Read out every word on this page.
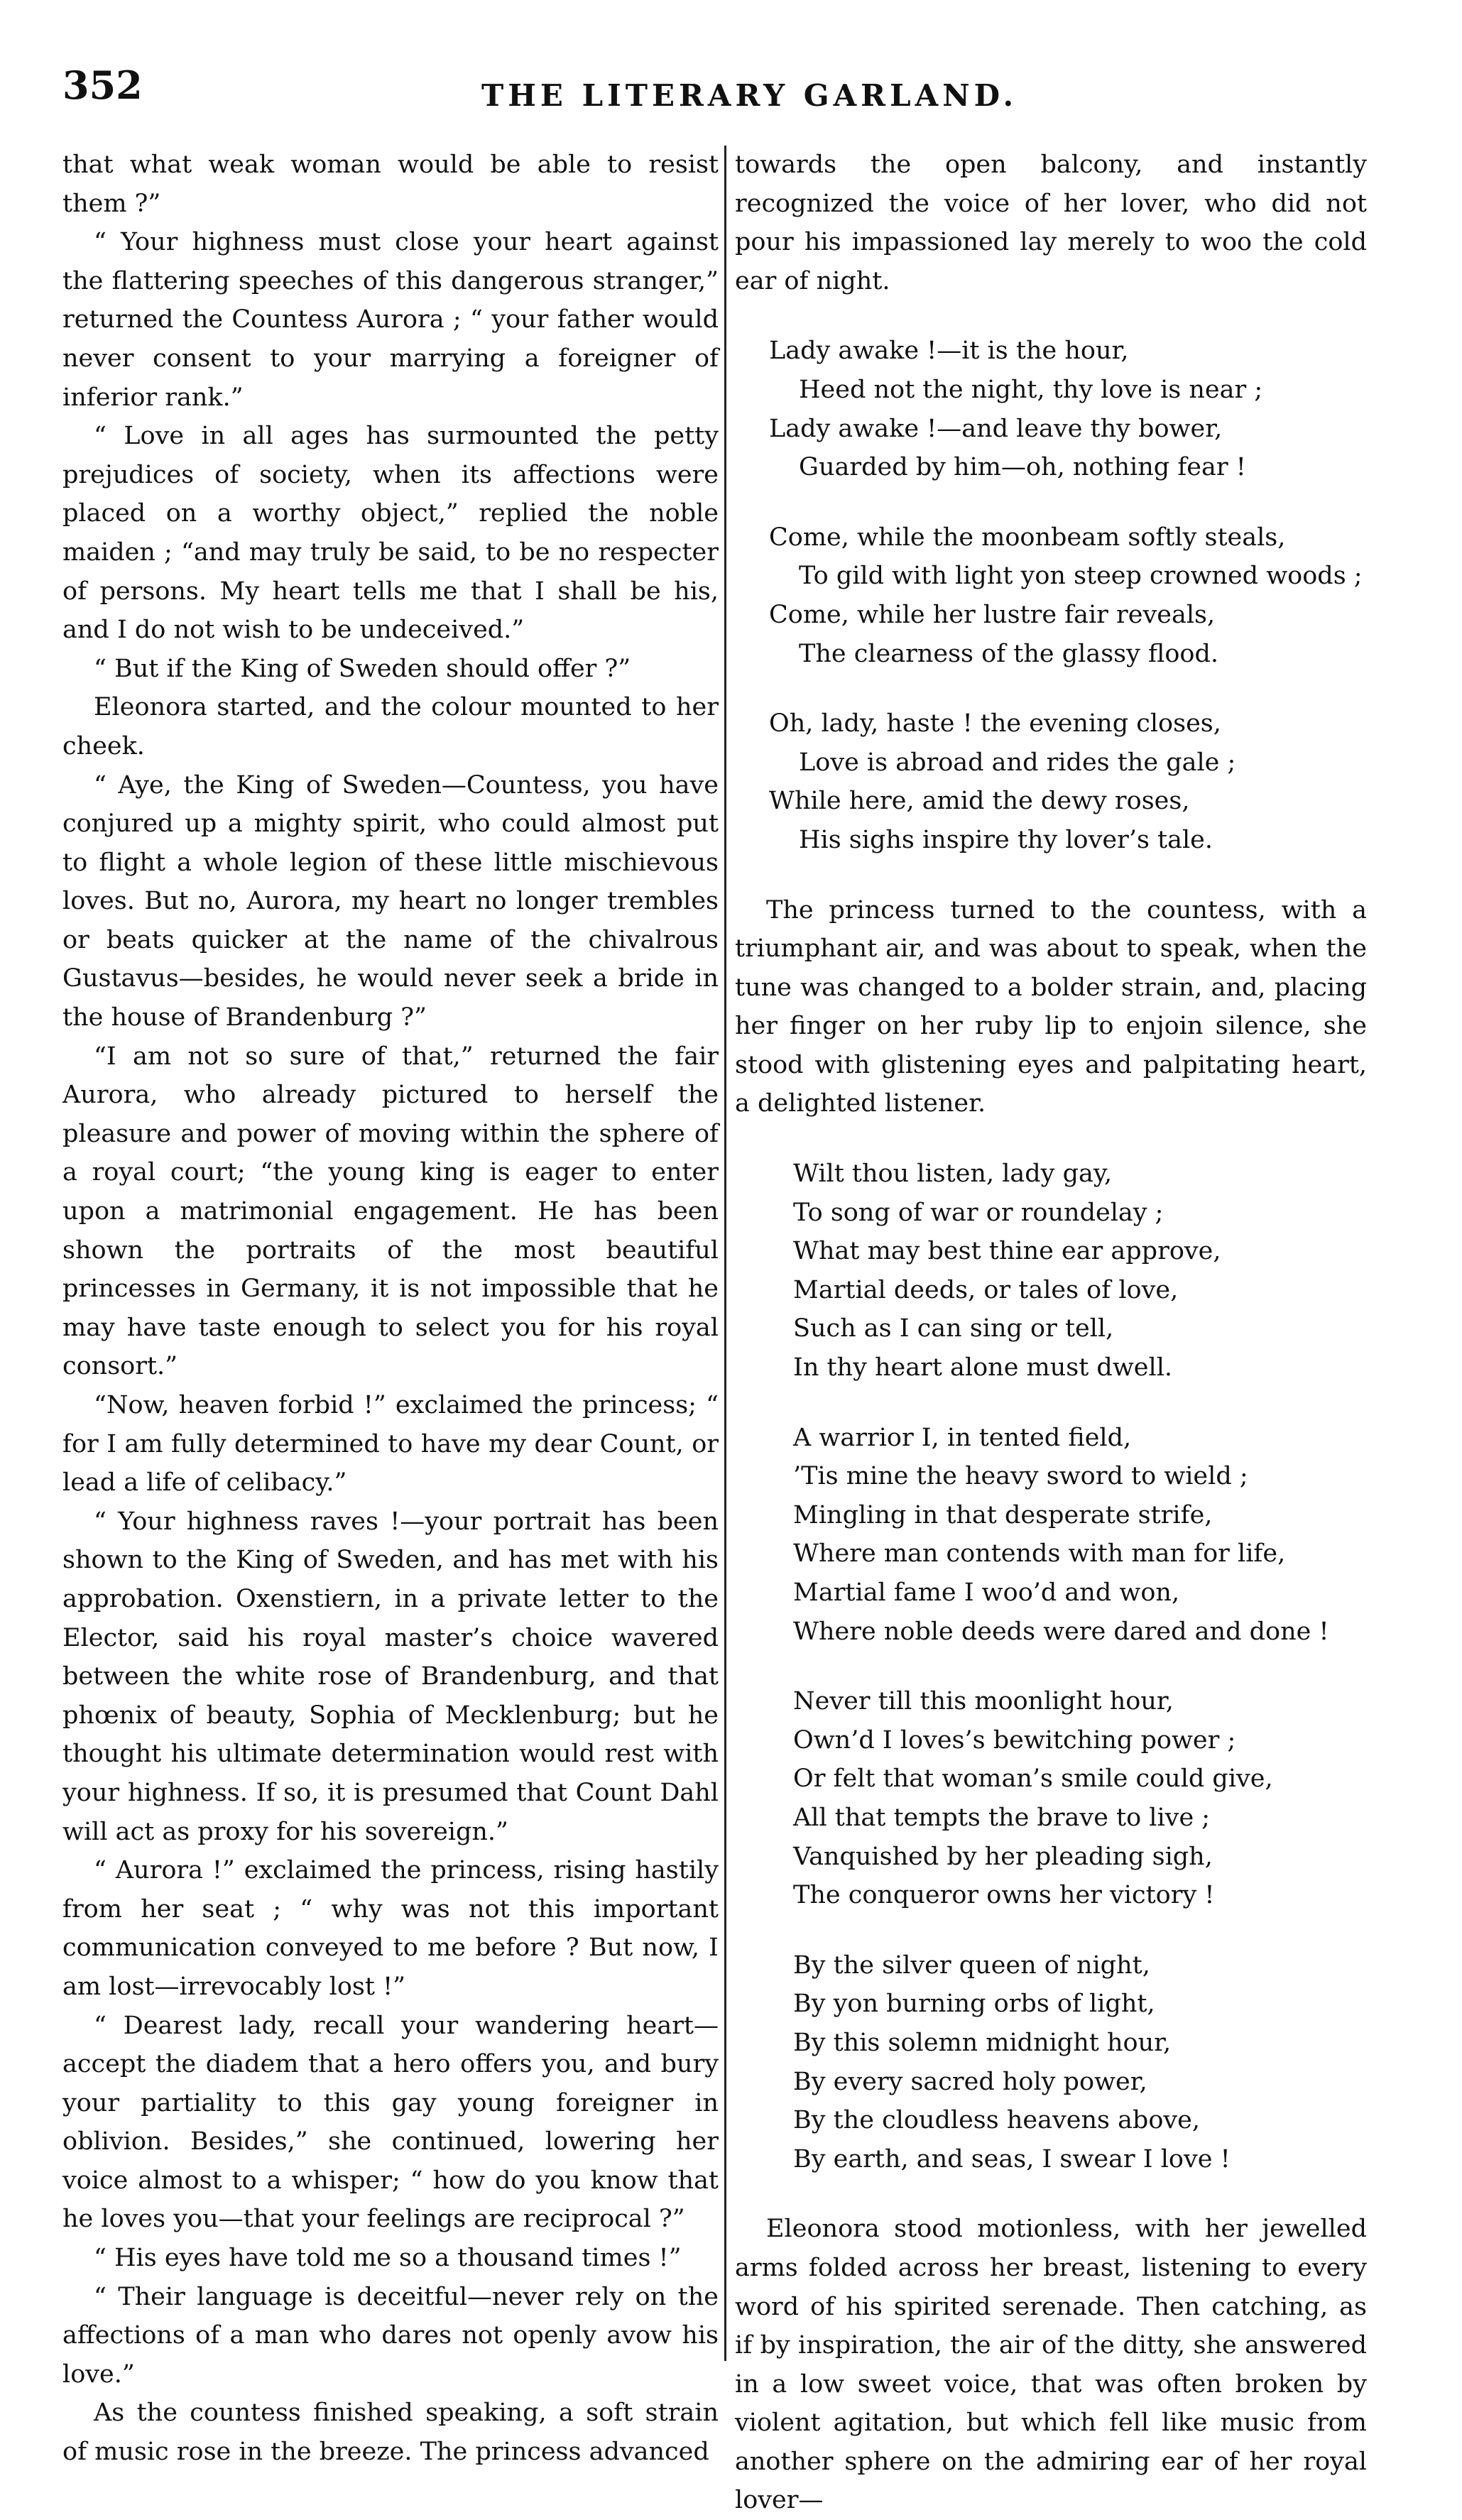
352	THE LITERARY GARLAND.

that what weak woman would be able to resist them ?”

“ Your highness must close your heart against the flattering speeches of this dangerous stranger,” returned the Countess Aurora ; “ your father would never consent to your marrying a foreigner of inferior rank.”

“ Love in all ages has surmounted the petty prejudices of society, when its affections were placed on a worthy object,” replied the noble maiden ; “and may truly be said, to be no respecter of persons. My heart tells me that I shall be his, and I do not wish to be undeceived.”

“ But if the King of Sweden should offer ?”

Eleonora started, and the colour mounted to her cheek.

“ Aye, the King of Sweden—Countess, you have conjured up a mighty spirit, who could almost put to flight a whole legion of these little mischievous loves. But no, Aurora, my heart no longer trembles or beats quicker at the name of the chivalrous Gustavus—besides, he would never seek a bride in the house of Brandenburg ?”

“I am not so sure of that,” returned the fair Aurora, who already pictured to herself the pleasure and power of moving within the sphere of a royal court; “the young king is eager to enter upon a matrimonial engagement. He has been shown the portraits of the most beautiful princesses in Germany, it is not impossible that he may have taste enough to select you for his royal consort.”

“Now, heaven forbid !” exclaimed the princess; “ for I am fully determined to have my dear Count, or lead a life of celibacy.”

“ Your highness raves !—your portrait has been shown to the King of Sweden, and has met with his approbation. Oxenstiern, in a private letter to the Elector, said his royal master’s choice wavered between the white rose of Brandenburg, and that phœnix of beauty, Sophia of Mecklenburg; but he thought his ultimate determination would rest with your highness. If so, it is presumed that Count Dahl will act as proxy for his sovereign.”

“ Aurora !” exclaimed the princess, rising hastily from her seat ; “ why was not this important communication conveyed to me before ? But now, I am lost—irrevocably lost !”

“ Dearest lady, recall your wandering heart—accept the diadem that a hero offers you, and bury your partiality to this gay young foreigner in oblivion. Besides,” she continued, lowering her voice almost to a whisper; “ how do you know that he loves you—that your feelings are reciprocal ?”

“ His eyes have told me so a thousand times !”

“ Their language is deceitful—never rely on the affections of a man who dares not openly avow his love.”

As the countess finished speaking, a soft strain of music rose in the breeze. The princess advanced

towards the open balcony, and instantly recognized the voice of her lover, who did not pour his impassioned lay merely to woo the cold ear of night.

Lady awake !—it is the hour,
Heed not the night, thy love is near ;
Lady awake !—and leave thy bower,
Guarded by him—oh, nothing fear !
Come, while the moonbeam softly steals,
To gild with light yon steep crowned woods ;
Come, while her lustre fair reveals,
The clearness of the glassy flood.
Oh, lady, haste ! the evening closes,
Love is abroad and rides the gale ;
While here, amid the dewy roses,
His sighs inspire thy lover’s tale.

The princess turned to the countess, with a triumphant air, and was about to speak, when the tune was changed to a bolder strain, and, placing her finger on her ruby lip to enjoin silence, she stood with glistening eyes and palpitating heart, a delighted listener.

Wilt thou listen, lady gay,
To song of war or roundelay ;
What may best thine ear approve,
Martial deeds, or tales of love,
Such as I can sing or tell,
In thy heart alone must dwell.
A warrior I, in tented field,
’Tis mine the heavy sword to wield ;
Mingling in that desperate strife,
Where man contends with man for life,
Martial fame I woo’d and won,
Where noble deeds were dared and done !
Never till this moonlight hour,
Own’d I loves’s bewitching power ;
Or felt that woman’s smile could give,
All that tempts the brave to live ;
Vanquished by her pleading sigh,
The conqueror owns her victory !
By the silver queen of night,
By yon burning orbs of light,
By this solemn midnight hour,
By every sacred holy power,
By the cloudless heavens above,
By earth, and seas, I swear I love !

Eleonora stood motionless, with her jewelled arms folded across her breast, listening to every word of his spirited serenade. Then catching, as if by inspiration, the air of the ditty, she answered in a low sweet voice, that was often broken by violent agitation, but which fell like music from another sphere on the admiring ear of her royal lover—
